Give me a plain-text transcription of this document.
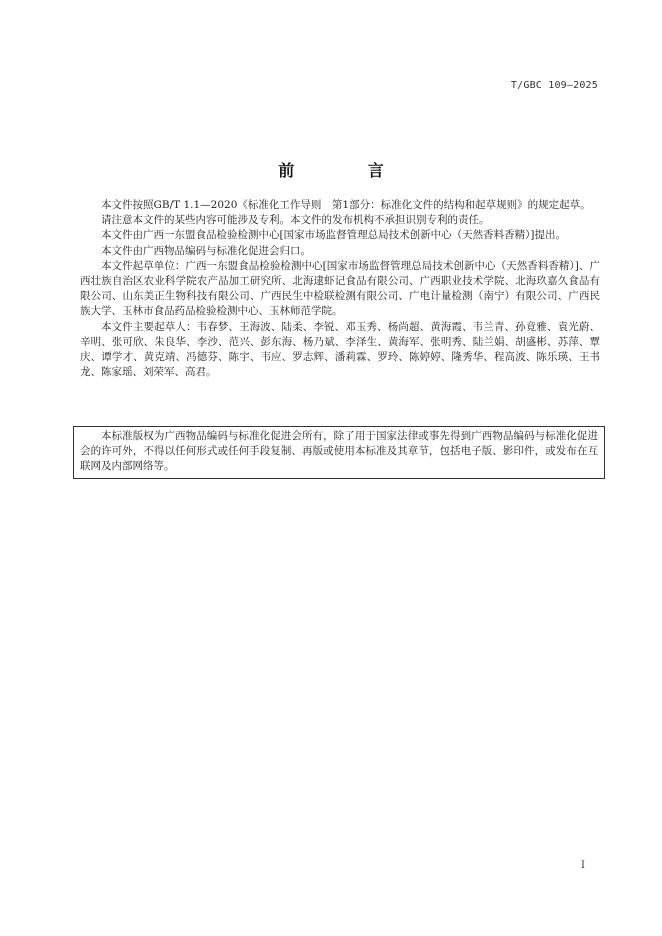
T/GBC 109—2025
前 言

本文件按照GB/T 1.1—2020《标准化工作导则　第1部分：标准化文件的结构和起草规则》的规定起草。

请注意本文件的某些内容可能涉及专利。本文件的发布机构不承担识别专利的责任。

本文件由广西一东盟食品检验检测中心[国家市场监督管理总局技术创新中心（天然香料香精）]提出。

本文件由广西物品编码与标准化促进会归口。

本文件起草单位：广西一东盟食品检验检测中心[国家市场监督管理总局技术创新中心（天然香料香精）]、广西壮族自治区农业科学院农产品加工研究所、北海逮虾记食品有限公司、广西职业技术学院、北海玖嘉久食品有限公司、山东美正生物科技有限公司、广西民生中检联检测有限公司、广电计量检测（南宁）有限公司、广西民族大学、玉林市食品药品检验检测中心、玉林师范学院。

本文件主要起草人：韦春梦、王海波、陆柔、李锐、邓玉秀、杨尚超、黄海霞、韦兰青、孙竟雅、袁光蔚、辛明、张可欣、朱良华、李沙、范兴、彭东海、杨乃斌、李泽生、黄海军、张明秀、陆兰娟、胡盛彬、苏萍、覃庆、谭学才、黄克靖、冯德芬、陈宇、韦应、罗志辉、潘莉霖、罗玲、陈婷婷、隆秀华、程高波、陈乐瑛、王书龙、陈家瑶、刘荣军、高君。

本标准版权为广西物品编码与标准化促进会所有，除了用于国家法律或事先得到广西物品编码与标准化促进会的许可外，不得以任何形式或任何手段复制、再版或使用本标准及其章节，包括电子版、影印件，或发布在互联网及内部网络等。

I
